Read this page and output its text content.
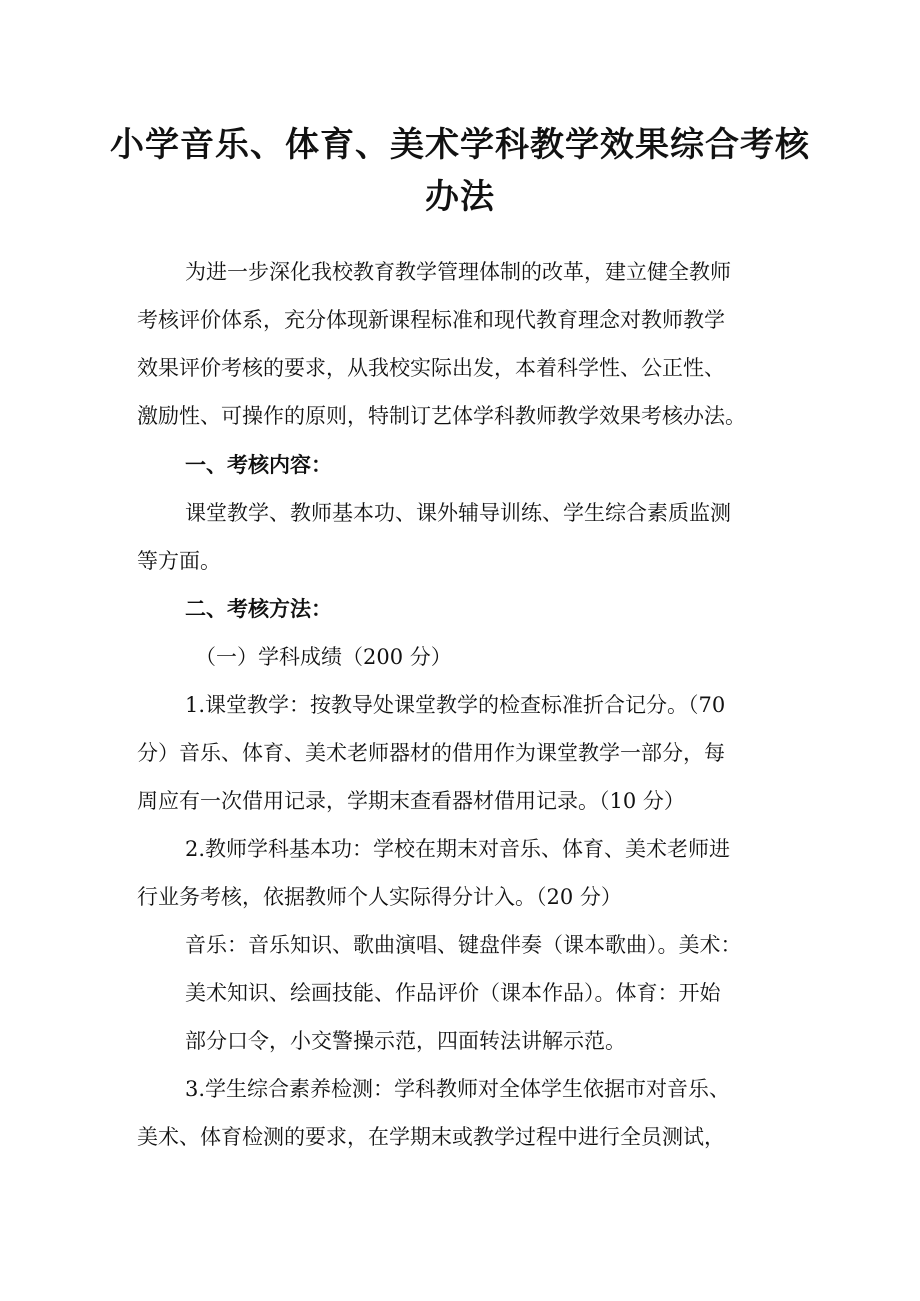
小学音乐、体育、美术学科教学效果综合考核
办法

为进一步深化我校教育教学管理体制的改革，建立健全教师

考核评价体系，充分体现新课程标准和现代教育理念对教师教学

效果评价考核的要求，从我校实际出发，本着科学性、公正性、

激励性、可操作的原则，特制订艺体学科教师教学效果考核办法。

一、考核内容：

课堂教学、教师基本功、课外辅导训练、学生综合素质监测

等方面。

二、考核方法：

（一）学科成绩（200 分）

1.课堂教学：按教导处课堂教学的检查标准折合记分。（70

分）音乐、体育、美术老师器材的借用作为课堂教学一部分，每

周应有一次借用记录，学期末查看器材借用记录。（10 分）

2.教师学科基本功：学校在期末对音乐、体育、美术老师进

行业务考核，依据教师个人实际得分计入。（20 分）

音乐：音乐知识、歌曲演唱、键盘伴奏（课本歌曲）。美术：

美术知识、绘画技能、作品评价（课本作品）。体育：开始

部分口令，小交警操示范，四面转法讲解示范。

3.学生综合素养检测：学科教师对全体学生依据市对音乐、

美术、体育检测的要求，在学期末或教学过程中进行全员测试，
